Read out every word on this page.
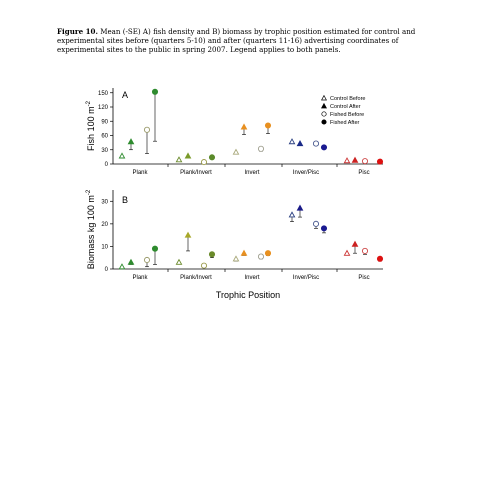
Figure 10. Mean (-SE) A) fish density and B) biomass by trophic position estimated for control and experimental sites before (quarters 5-10) and after (quarters 11-16) advertising coordinates of experimental sites to the public in spring 2007. Legend applies to both panels.
0
30
60
90
120
150
Plank	Plank/Invert	Invert	Inver/Pisc	Pisc
A
Fish 100 $m^{-2}$
Control Before
Control After
Fished Before
Fished After
0
10
20
30
Plank	Plank/Invert	Invert	Inver/Pisc	Pisc
B
Biomass kg 100 $m^{-2}$
Trophic Position
